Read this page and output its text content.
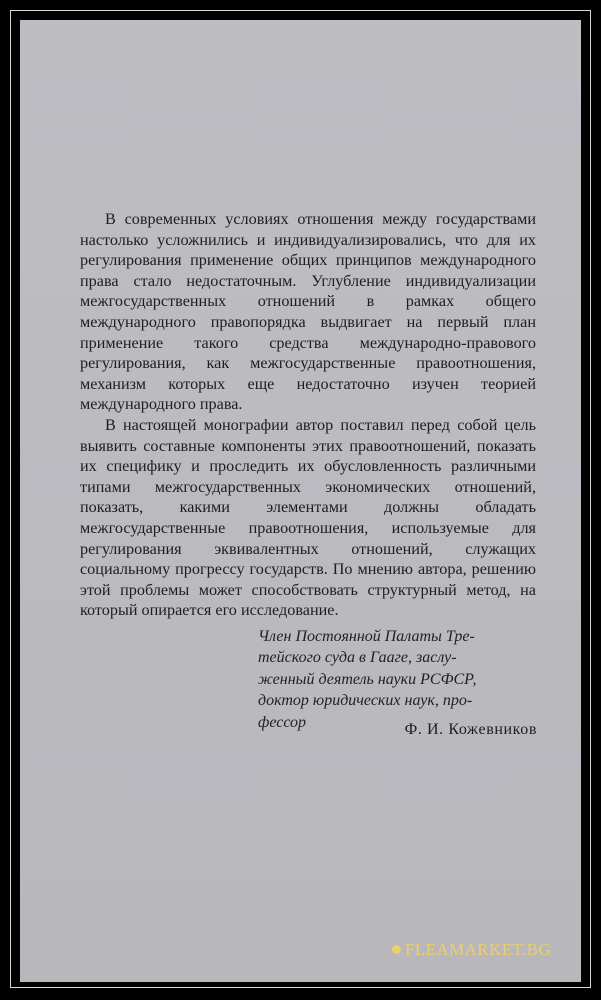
В современных условиях отношения между государствами настолько усложнились и индивидуализировались, что для их регулирования применение общих принципов международного права стало недостаточным. Углубление индивидуализации межгосударственных отношений в рамках общего международного правопорядка выдвигает на первый план применение такого средства международно-правового регулирования, как межгосударственные правоотношения, механизм которых еще недостаточно изучен теорией международного права.

В настоящей монографии автор поставил перед собой цель выявить составные компоненты этих правоотношений, показать их специфику и проследить их обусловленность различными типами межгосударственных экономических отношений, показать, какими элементами должны обладать межгосударственные правоотношения, используемые для регулирования эквивалентных отношений, служащих социальному прогрессу государств. По мнению автора, решению этой проблемы может способствовать структурный метод, на который опирается его исследование.

Член Постоянной Палаты Тре-

тейского суда в Гааге, заслу-

женный деятель науки РСФСР,

доктор юридических наук, про-

фессор	Ф. И. Кожевников
FLEAMARKET.BG
